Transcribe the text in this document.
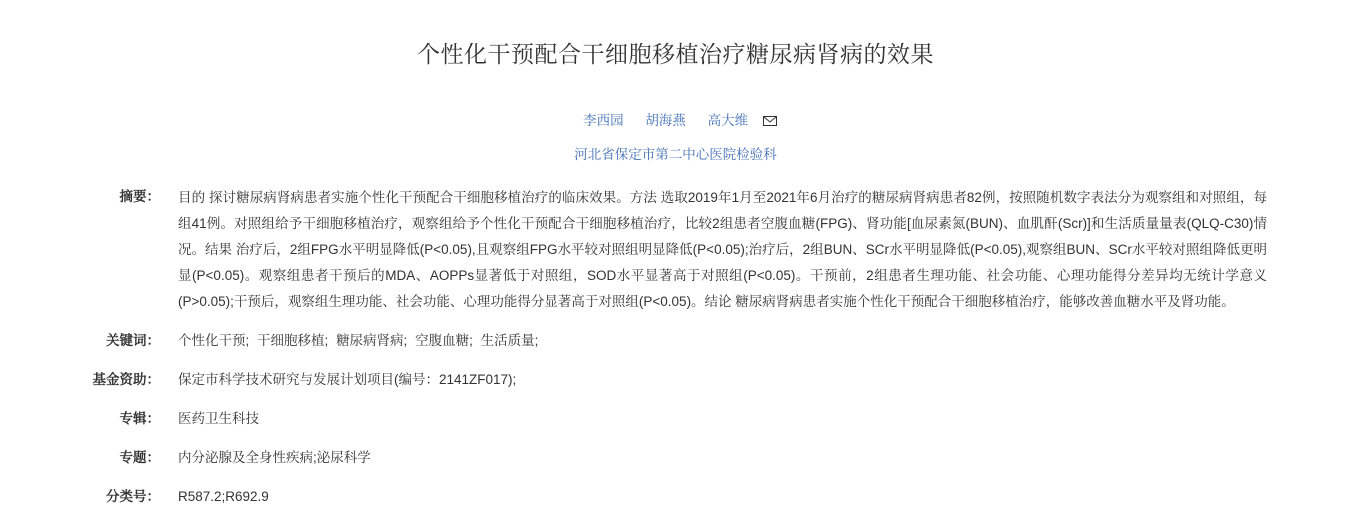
个性化干预配合干细胞移植治疗糖尿病肾病的效果
李西园 胡海燕 高大维
河北省保定市第二中心医院检验科
摘要：	目的 探讨糖尿病肾病患者实施个性化干预配合干细胞移植治疗的临床效果。方法 选取2019年1月至2021年6月治疗的糖尿病肾病患者82例，按照随机数字表法分为观察组和对照组，每组41例。对照组给予干细胞移植治疗，观察组给予个性化干预配合干细胞移植治疗，比较2组患者空腹血糖(FPG)、肾功能[血尿素氮(BUN)、血肌酐(Scr)]和生活质量量表(QLQ-C30)情况。结果 治疗后，2组FPG水平明显降低(P<0.05),且观察组FPG水平较对照组明显降低(P<0.05);治疗后，2组BUN、SCr水平明显降低(P<0.05),观察组BUN、SCr水平较对照组降低更明显(P<0.05)。观察组患者干预后的MDA、AOPPs显著低于对照组，SOD水平显著高于对照组(P<0.05)。干预前，2组患者生理功能、社会功能、心理功能得分差异均无统计学意义(P>0.05);干预后，观察组生理功能、社会功能、心理功能得分显著高于对照组(P<0.05)。结论 糖尿病肾病患者实施个性化干预配合干细胞移植治疗，能够改善血糖水平及肾功能。
关键词：	个性化干预; 干细胞移植; 糖尿病肾病; 空腹血糖; 生活质量;
基金资助：	保定市科学技术研究与发展计划项目(编号：2141ZF017);
专辑：	医药卫生科技
专题：	内分泌腺及全身性疾病;泌尿科学
分类号：	R587.2;R692.9
